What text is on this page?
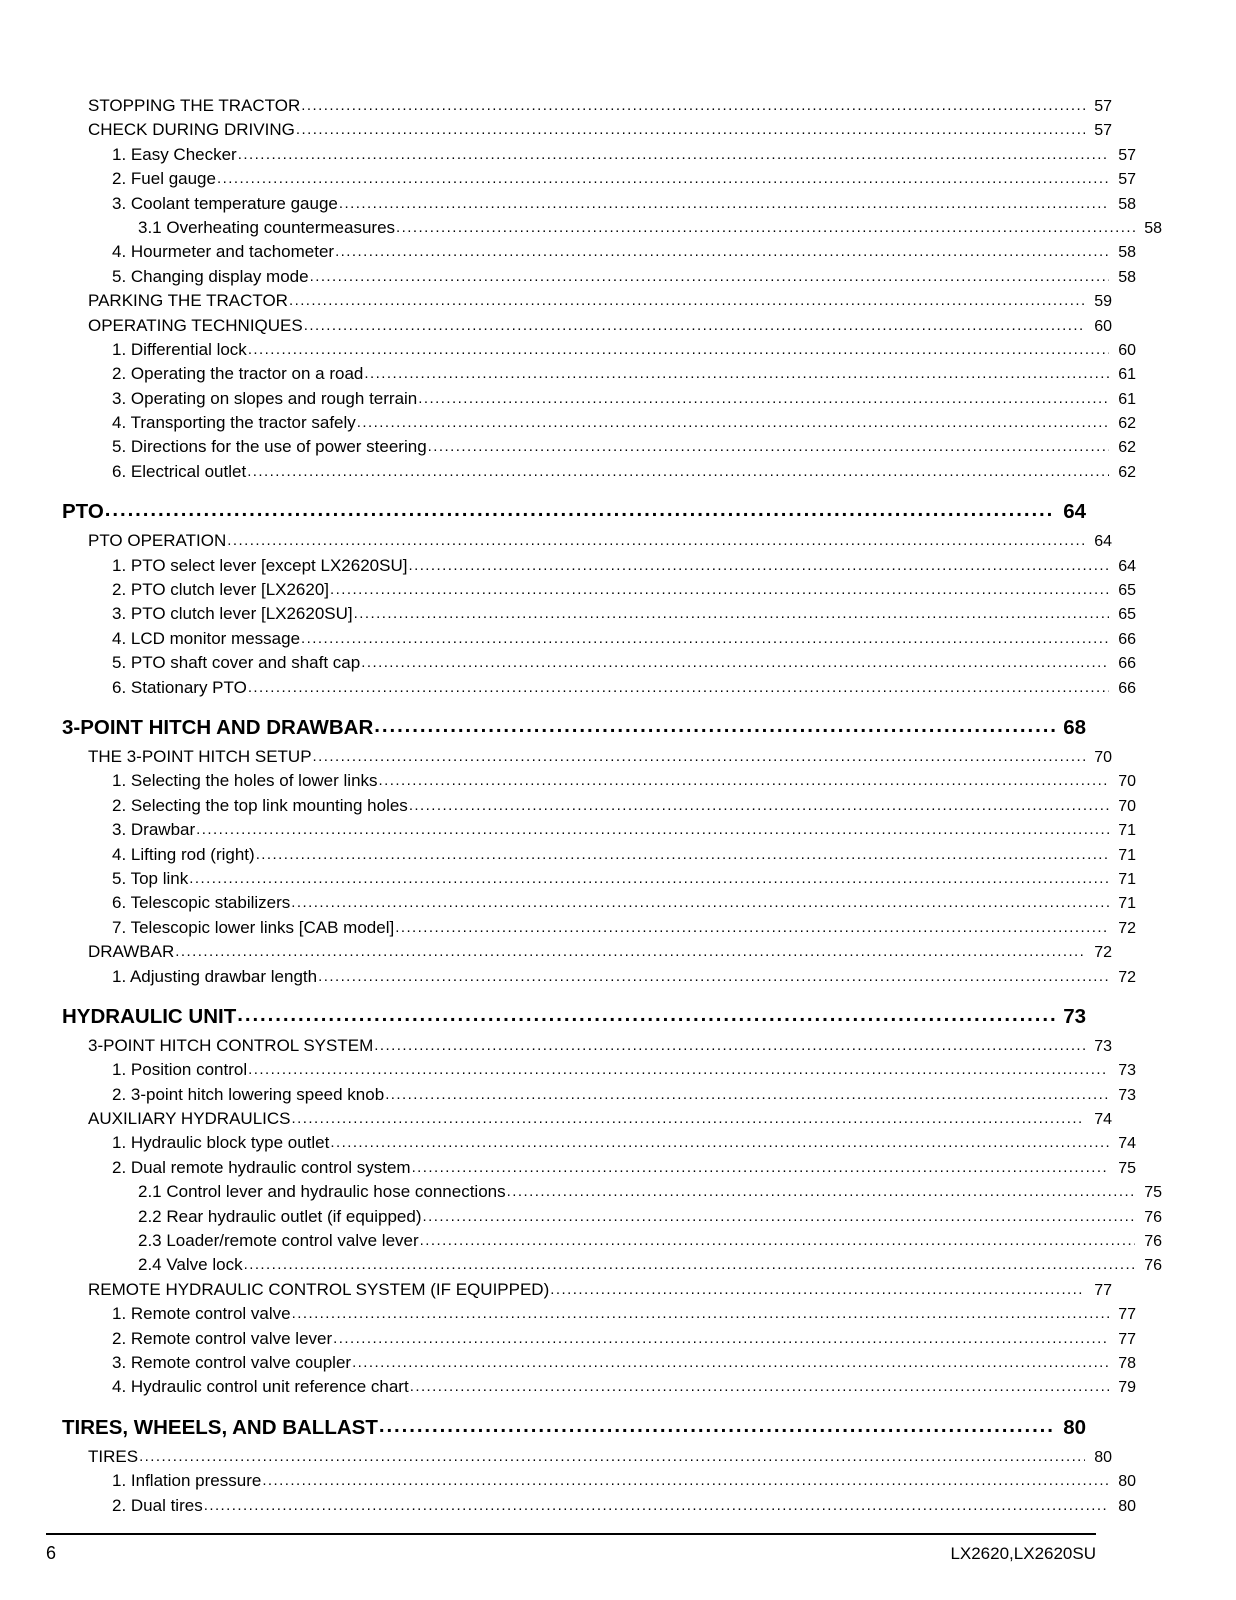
STOPPING THE TRACTOR .....	57
CHECK DURING DRIVING .....	57
1. Easy Checker .....	57
2. Fuel gauge .....	57
3. Coolant temperature gauge .....	58
3.1 Overheating countermeasures .....	58
4. Hourmeter and tachometer .....	58
5. Changing display mode .....	58
PARKING THE TRACTOR .....	59
OPERATING TECHNIQUES .....	60
1. Differential lock .....	60
2. Operating the tractor on a road .....	61
3. Operating on slopes and rough terrain .....	61
4. Transporting the tractor safely .....	62
5. Directions for the use of power steering .....	62
6. Electrical outlet .....	62
PTO .....	64
PTO OPERATION .....	64
1. PTO select lever [except LX2620SU] .....	64
2. PTO clutch lever [LX2620] .....	65
3. PTO clutch lever [LX2620SU] .....	65
4. LCD monitor message .....	66
5. PTO shaft cover and shaft cap .....	66
6. Stationary PTO .....	66
3-POINT HITCH AND DRAWBAR .....	68
THE 3-POINT HITCH SETUP .....	70
1. Selecting the holes of lower links .....	70
2. Selecting the top link mounting holes .....	70
3. Drawbar .....	71
4. Lifting rod (right) .....	71
5. Top link .....	71
6. Telescopic stabilizers .....	71
7. Telescopic lower links [CAB model] .....	72
DRAWBAR .....	72
1. Adjusting drawbar length .....	72
HYDRAULIC UNIT .....	73
3-POINT HITCH CONTROL SYSTEM .....	73
1. Position control .....	73
2. 3-point hitch lowering speed knob .....	73
AUXILIARY HYDRAULICS .....	74
1. Hydraulic block type outlet .....	74
2. Dual remote hydraulic control system .....	75
2.1 Control lever and hydraulic hose connections .....	75
2.2 Rear hydraulic outlet (if equipped) .....	76
2.3 Loader/remote control valve lever .....	76
2.4 Valve lock .....	76
REMOTE HYDRAULIC CONTROL SYSTEM (IF EQUIPPED) .....	77
1. Remote control valve .....	77
2. Remote control valve lever .....	77
3. Remote control valve coupler .....	78
4. Hydraulic control unit reference chart .....	79
TIRES, WHEELS, AND BALLAST .....	80
TIRES .....	80
1. Inflation pressure .....	80
2. Dual tires .....	80
6	LX2620,LX2620SU
